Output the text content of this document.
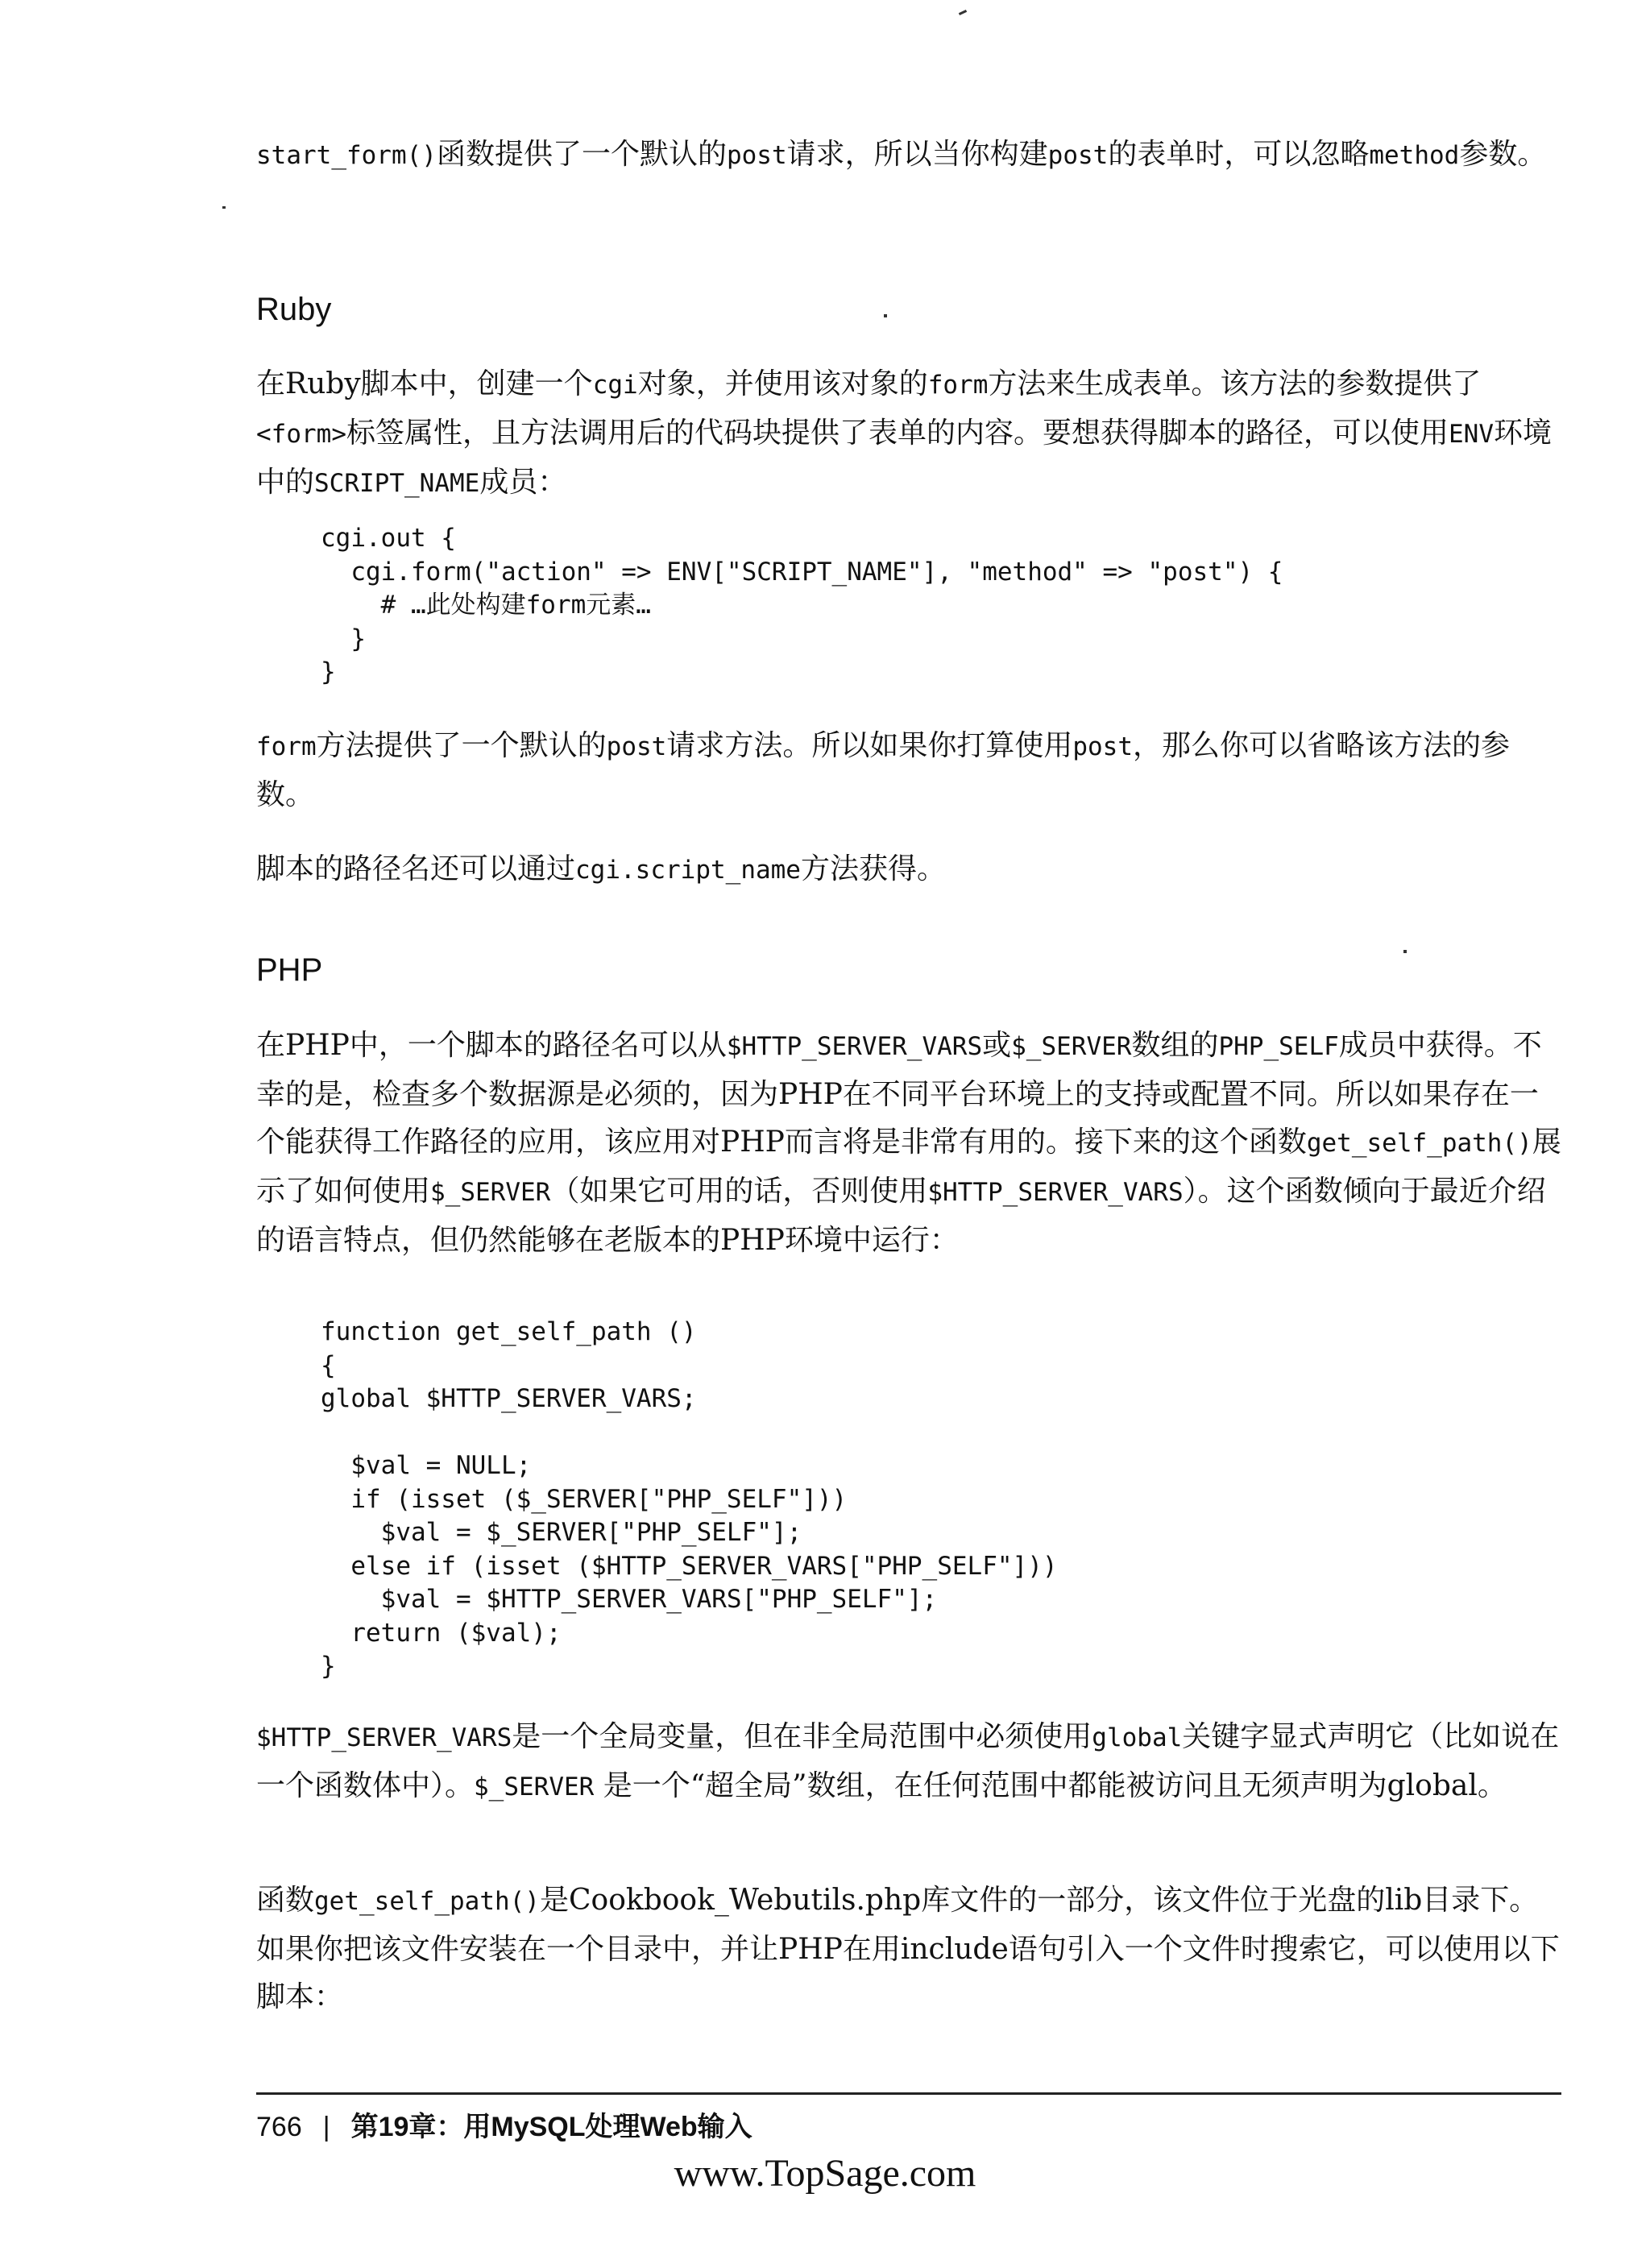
start_form()函数提供了一个默认的post请求，所以当你构建post的表单时，可以忽略method参数。

Ruby

在Ruby脚本中，创建一个cgi对象，并使用该对象的form方法来生成表单。该方法的参数提供了<form>标签属性，且方法调用后的代码块提供了表单的内容。要想获得脚本的路径，可以使用ENV环境中的SCRIPT_NAME成员：

cgi.out {
cgi.form("action" => ENV["SCRIPT_NAME"], "method" => "post") {
# …此处构建form元素…
}
}

form方法提供了一个默认的post请求方法。所以如果你打算使用post，那么你可以省略该方法的参数。

脚本的路径名还可以通过cgi.script_name方法获得。

PHP

在PHP中，一个脚本的路径名可以从$HTTP_SERVER_VARS或$_SERVER数组的PHP_SELF成员中获得。不幸的是，检查多个数据源是必须的，因为PHP在不同平台环境上的支持或配置不同。所以如果存在一个能获得工作路径的应用，该应用对PHP而言将是非常有用的。接下来的这个函数get_self_path()展示了如何使用$_SERVER（如果它可用的话，否则使用$HTTP_SERVER_VARS）。这个函数倾向于最近介绍的语言特点，但仍然能够在老版本的PHP环境中运行：

function get_self_path ()
{
global $HTTP_SERVER_VARS;

$val = NULL;
if (isset ($_SERVER["PHP_SELF"]))
$val = $_SERVER["PHP_SELF"];
else if (isset ($HTTP_SERVER_VARS["PHP_SELF"]))
$val = $HTTP_SERVER_VARS["PHP_SELF"];
return ($val);
}

$HTTP_SERVER_VARS是一个全局变量，但在非全局范围中必须使用global关键字显式声明它（比如说在一个函数体中）。$_SERVER 是一个“超全局”数组，在任何范围中都能被访问且无须声明为global。

函数get_self_path()是Cookbook_Webutils.php库文件的一部分，该文件位于光盘的lib目录下。如果你把该文件安装在一个目录中，并让PHP在用include语句引入一个文件时搜索它，可以使用以下脚本：

766 | 第19章：用MySQL处理Web输入
www.TopSage.com
